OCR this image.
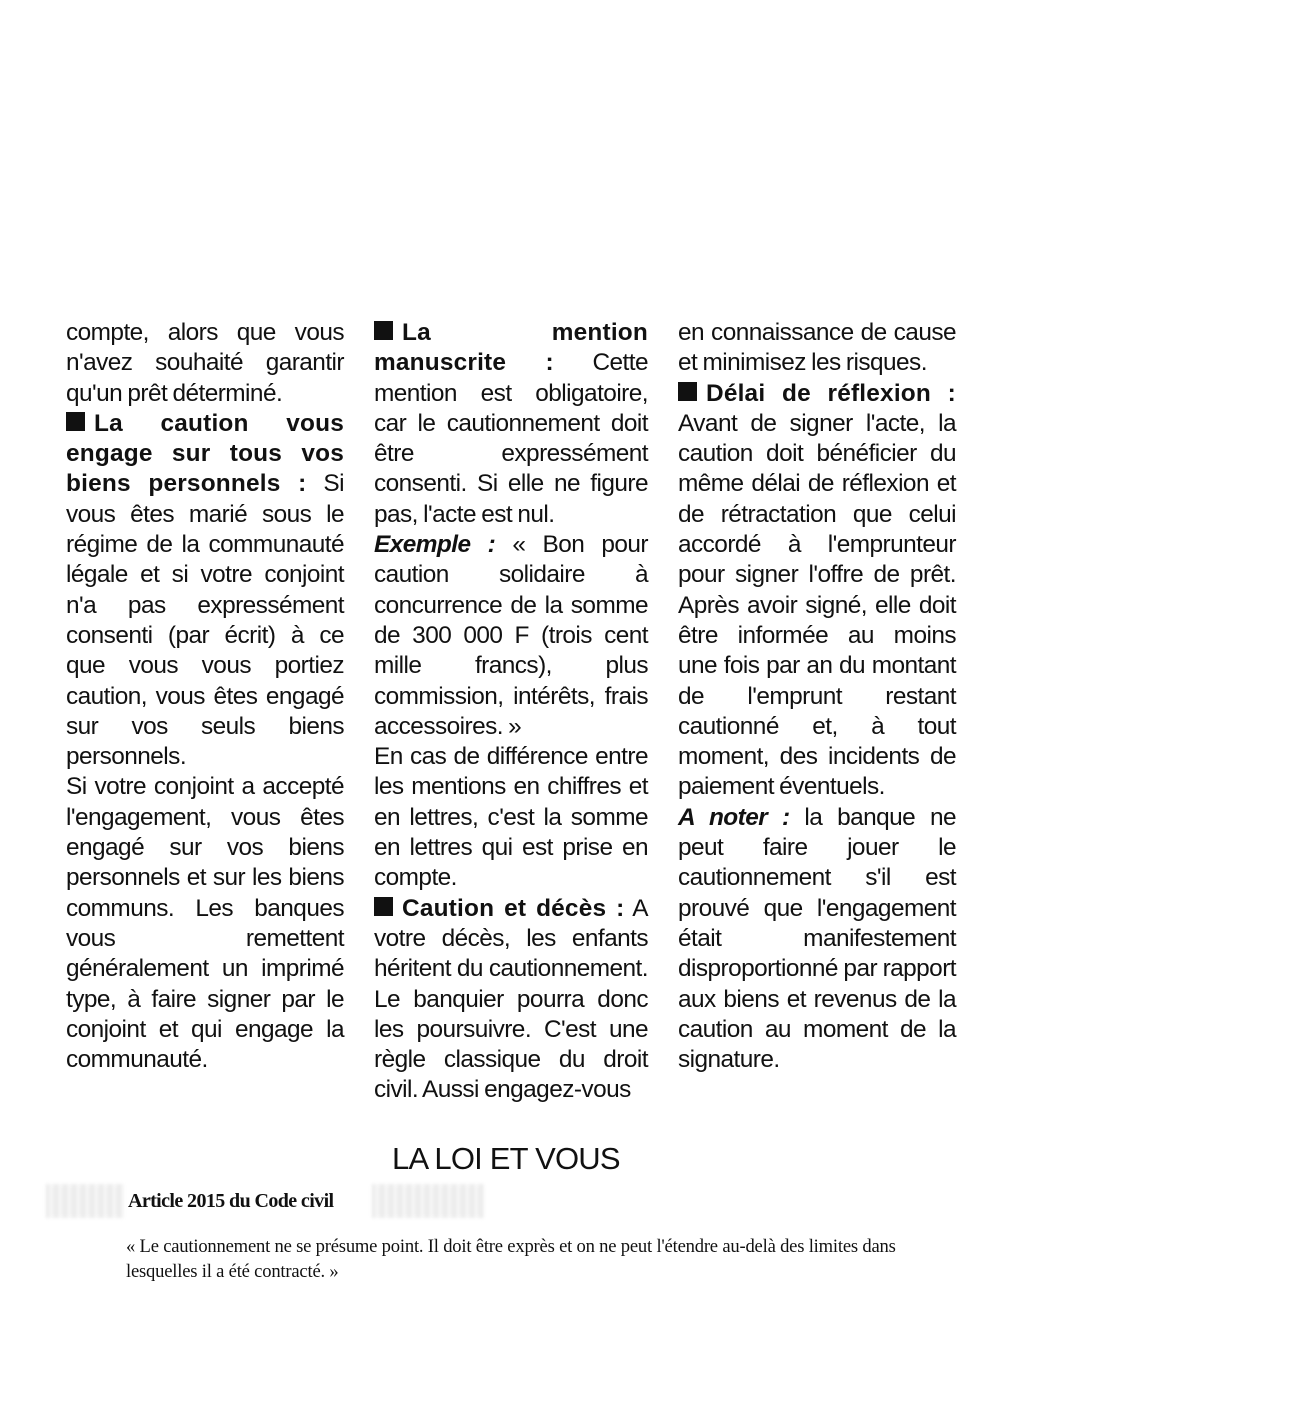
compte, alors que vous n'avez souhaité garantir qu'un prêt déterminé.

La caution vous engage sur tous vos biens personnels : Si vous êtes marié sous le régime de la communauté légale et si votre conjoint n'a pas expressément consenti (par écrit) à ce que vous vous portiez caution, vous êtes engagé sur vos seuls biens personnels.

Si votre conjoint a accepté l'engagement, vous êtes engagé sur vos biens personnels et sur les biens communs. Les banques vous remettent généralement un imprimé type, à faire signer par le conjoint et qui engage la communauté.

La mention manuscrite : Cette mention est obligatoire, car le cautionnement doit être expressément consenti. Si elle ne figure pas, l'acte est nul.

Exemple : « Bon pour caution solidaire à concurrence de la somme de 300 000 F (trois cent mille francs), plus commission, intérêts, frais accessoires. »

En cas de différence entre les mentions en chiffres et en lettres, c'est la somme en lettres qui est prise en compte.

Caution et décès : A votre décès, les enfants héritent du cautionnement. Le banquier pourra donc les poursuivre. C'est une règle classique du droit civil. Aussi engagez-vous

en connaissance de cause et minimisez les risques.

Délai de réflexion : Avant de signer l'acte, la caution doit bénéficier du même délai de réflexion et de rétractation que celui accordé à l'emprunteur pour signer l'offre de prêt. Après avoir signé, elle doit être informée au moins une fois par an du montant de l'emprunt restant cautionné et, à tout moment, des incidents de paiement éventuels.

A noter : la banque ne peut faire jouer le cautionnement s'il est prouvé que l'engagement était manifestement disproportionné par rapport aux biens et revenus de la caution au moment de la signature.

LA LOI ET VOUS
Article 2015 du Code civil

« Le cautionnement ne se présume point. Il doit être exprès et on ne peut l'étendre au-delà des limites dans lesquelles il a été contracté. »
